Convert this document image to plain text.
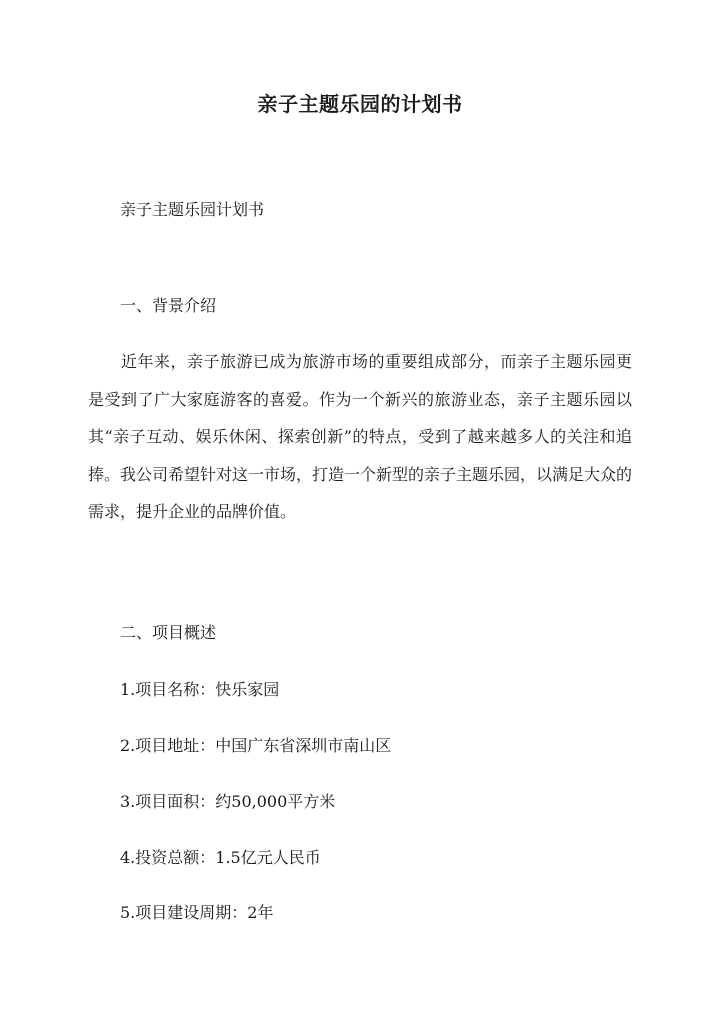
亲子主题乐园的计划书
亲子主题乐园计划书
一、背景介绍
近年来，亲子旅游已成为旅游市场的重要组成部分，而亲子主题乐园更是受到了广大家庭游客的喜爱。作为一个新兴的旅游业态，亲子主题乐园以其“亲子互动、娱乐休闲、探索创新”的特点，受到了越来越多人的关注和追捧。我公司希望针对这一市场，打造一个新型的亲子主题乐园，以满足大众的需求，提升企业的品牌价值。
二、项目概述
1.项目名称：快乐家园
2.项目地址：中国广东省深圳市南山区
3.项目面积：约50,000平方米
4.投资总额：1.5亿元人民币
5.项目建设周期：2年
